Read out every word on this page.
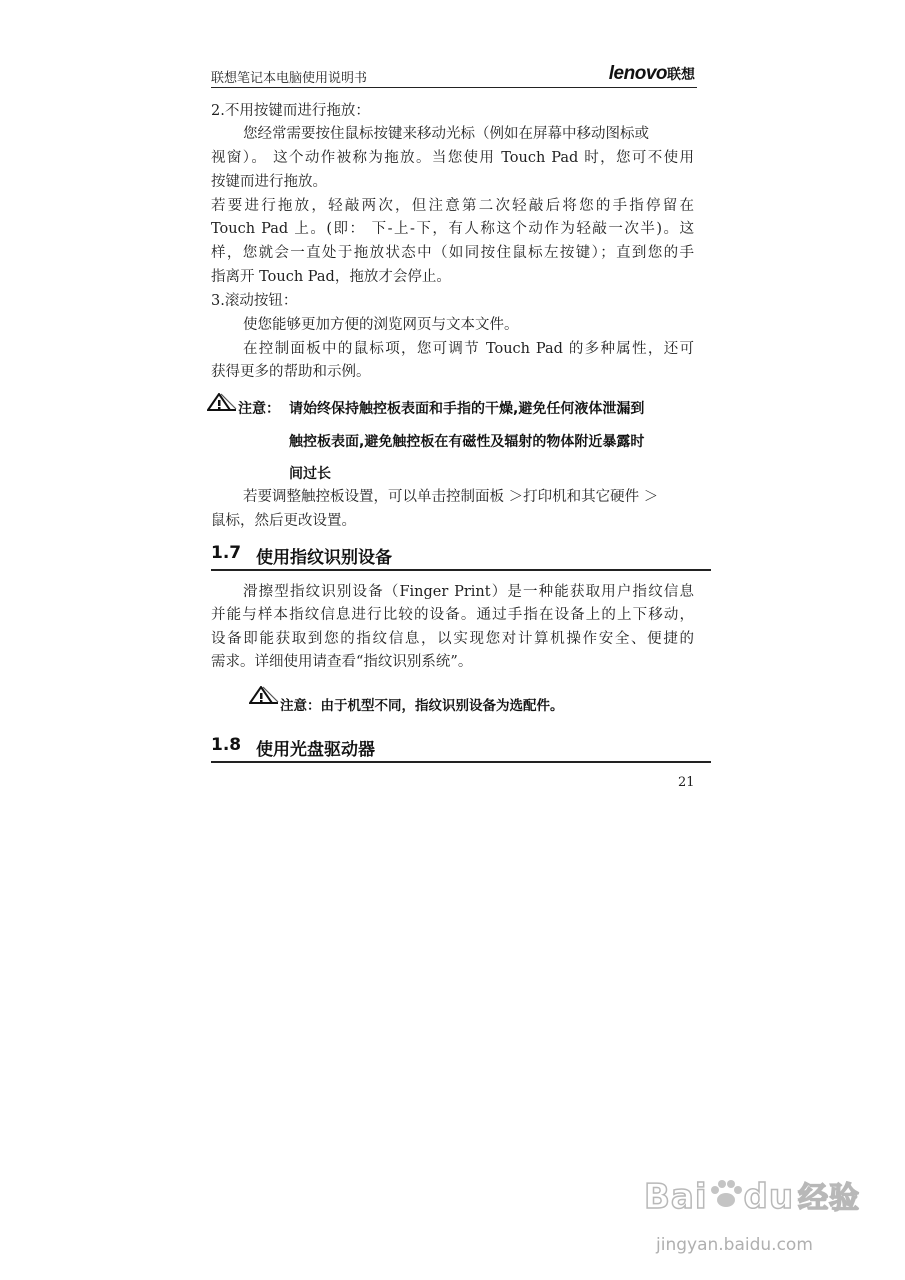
联想笔记本电脑使用说明书	lenovo联想
2.不用按键而进行拖放：
您经常需要按住鼠标按键来移动光标（例如在屏幕中移动图标或
视窗）。 这个动作被称为拖放。当您使用 Touch Pad 时，您可不使用
按键而进行拖放。
若要进行拖放，轻敲两次，但注意第二次轻敲后将您的手指停留在
Touch Pad 上。(即： 下-上-下，有人称这个动作为轻敲一次半)。这
样，您就会一直处于拖放状态中（如同按住鼠标左按键）；直到您的手
指离开 Touch Pad，拖放才会停止。
3.滚动按钮：
使您能够更加方便的浏览网页与文本文件。
在控制面板中的鼠标项，您可调节 Touch Pad 的多种属性，还可
获得更多的帮助和示例。
注意： 请始终保持触控板表面和手指的干燥,避免任何液体泄漏到
触控板表面,避免触控板在有磁性及辐射的物体附近暴露时
间过长
若要调整触控板设置，可以单击控制面板 ＞打印机和其它硬件 ＞
鼠标，然后更改设置。
1.7 使用指纹识别设备
滑擦型指纹识别设备（Finger Print）是一种能获取用户指纹信息
并能与样本指纹信息进行比较的设备。通过手指在设备上的上下移动，
设备即能获取到您的指纹信息，以实现您对计算机操作安全、便捷的
需求。详细使用请查看“指纹识别系统”。
注意：由于机型不同，指纹识别设备为选配件。
1.8 使用光盘驱动器
21
Bai du 经验
jingyan.baidu.com
